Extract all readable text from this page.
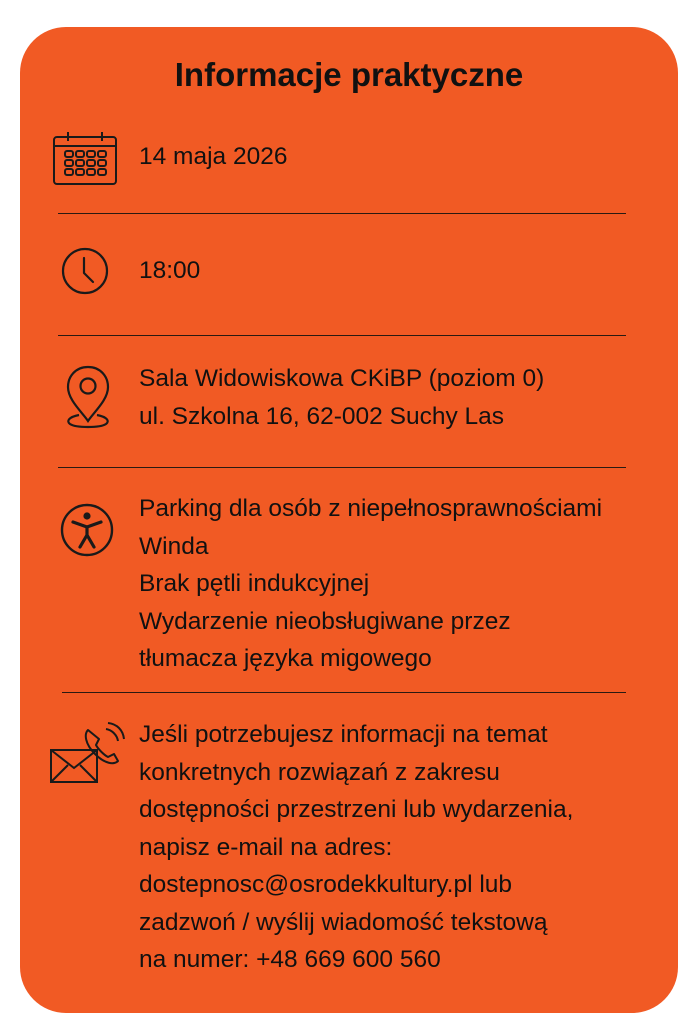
Informacje praktyczne
14 maja 2026
18:00
Sala Widowiskowa CKiBP (poziom 0)
ul. Szkolna 16, 62-002 Suchy Las
Parking dla osób z niepełnosprawnościami
Winda
Brak pętli indukcyjnej
Wydarzenie nieobsługiwane przez
tłumacza języka migowego
Jeśli potrzebujesz informacji na temat
konkretnych rozwiązań z zakresu
dostępności przestrzeni lub wydarzenia,
napisz e-mail na adres:
dostepnosc@osrodekkultury.pl lub
zadzwoń / wyślij wiadomość tekstową
na numer: +48 669 600 560
